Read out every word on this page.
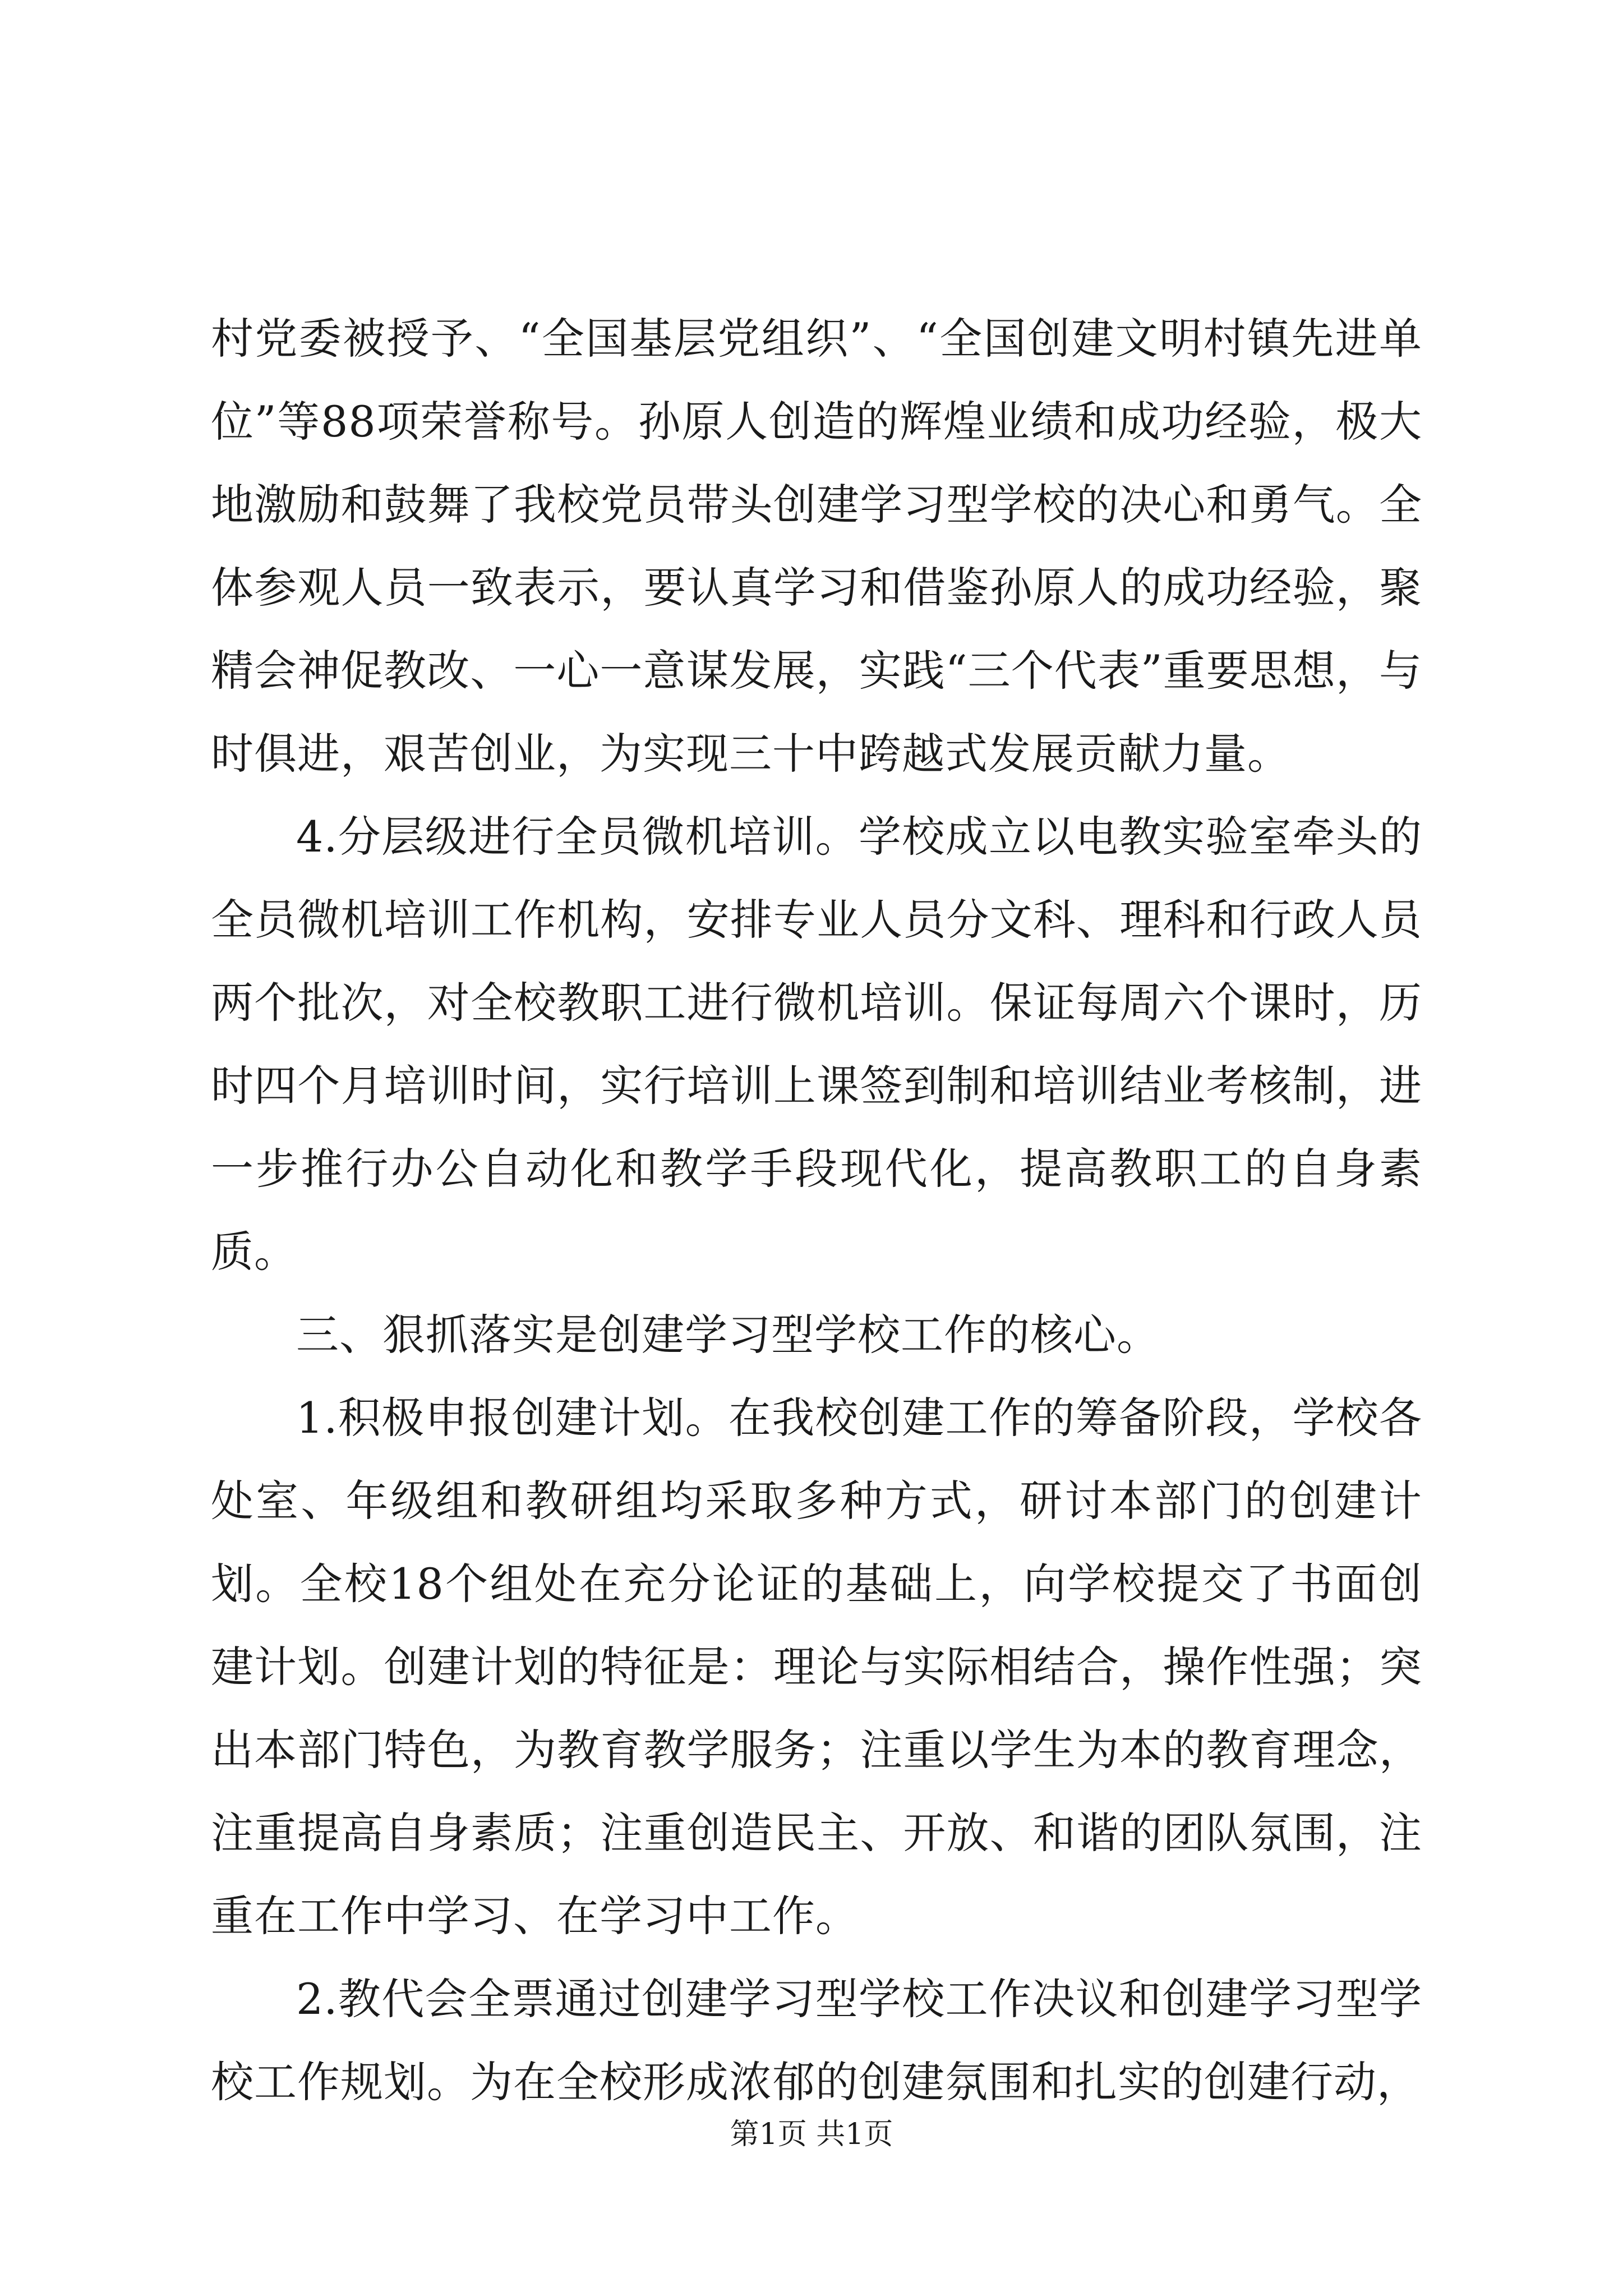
村党委被授予、“全国基层党组织”、“全国创建文明村镇先进单位”等88项荣誉称号。孙原人创造的辉煌业绩和成功经验，极大地激励和鼓舞了我校党员带头创建学习型学校的决心和勇气。全体参观人员一致表示，要认真学习和借鉴孙原人的成功经验，聚精会神促教改、一心一意谋发展，实践“三个代表”重要思想，与时俱进，艰苦创业，为实现三十中跨越式发展贡献力量。

4.分层级进行全员微机培训。学校成立以电教实验室牵头的全员微机培训工作机构，安排专业人员分文科、理科和行政人员两个批次，对全校教职工进行微机培训。保证每周六个课时，历时四个月培训时间，实行培训上课签到制和培训结业考核制，进一步推行办公自动化和教学手段现代化，提高教职工的自身素质。

三、狠抓落实是创建学习型学校工作的核心。

1.积极申报创建计划。在我校创建工作的筹备阶段，学校各处室、年级组和教研组均采取多种方式，研讨本部门的创建计划。全校18个组处在充分论证的基础上，向学校提交了书面创建计划。创建计划的特征是：理论与实际相结合，操作性强；突出本部门特色，为教育教学服务；注重以学生为本的教育理念，注重提高自身素质；注重创造民主、开放、和谐的团队氛围，注重在工作中学习、在学习中工作。

2.教代会全票通过创建学习型学校工作决议和创建学习型学校工作规划。为在全校形成浓郁的创建氛围和扎实的创建行动，

第1页 共1页
